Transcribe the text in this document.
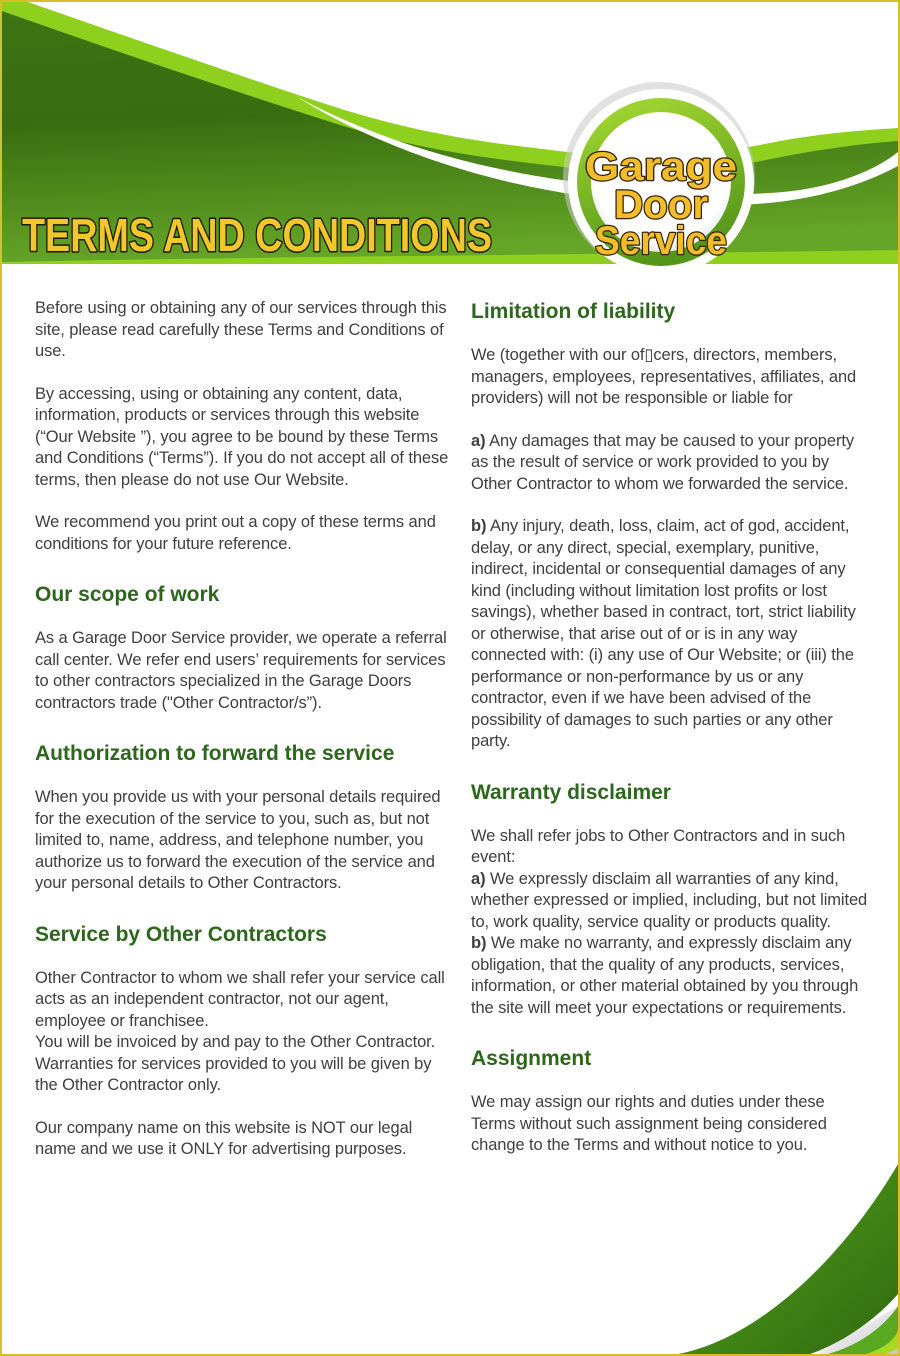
Garage
Door
Service
TERMS AND CONDITIONS

Before using or obtaining any of our services through this site, please read carefully these Terms and Conditions of use.

By accessing, using or obtaining any content, data, information, products or services through this website (“Our Website ”), you agree to be bound by these Terms and Conditions (“Terms”). If you do not accept all of these terms, then please do not use Our Website.

We recommend you print out a copy of these terms and conditions for your future reference.

Our scope of work

As a Garage Door Service provider, we operate a referral call center. We refer end users’ requirements for services to other contractors specialized in the Garage Doors contractors trade ("Other Contractor/s”).

Authorization to forward the service

When you provide us with your personal details required for the execution of the service to you, such as, but not limited to, name, address, and telephone number, you authorize us to forward the execution of the service and your personal details to Other Contractors.

Service by Other Contractors

Other Contractor to whom we shall refer your service call acts as an independent contractor, not our agent, employee or franchisee.

You will be invoiced by and pay to the Other Contractor.

Warranties for services provided to you will be given by the Other Contractor only.

Our company name on this website is NOT our legal name and we use it ONLY for advertising purposes.

Limitation of liability

We (together with our of▯cers, directors, members, managers, employees, representatives, affiliates, and providers) will not be responsible or liable for

a) Any damages that may be caused to your property as the result of service or work provided to you by Other Contractor to whom we forwarded the service.

b) Any injury, death, loss, claim, act of god, accident, delay, or any direct, special, exemplary, punitive, indirect, incidental or consequential damages of any kind (including without limitation lost profits or lost savings), whether based in contract, tort, strict liability or otherwise, that arise out of or is in any way connected with: (i) any use of Our Website; or (iii) the performance or non-performance by us or any contractor, even if we have been advised of the possibility of damages to such parties or any other party.

Warranty disclaimer

We shall refer jobs to Other Contractors and in such event:

a) We expressly disclaim all warranties of any kind, whether expressed or implied, including, but not limited to, work quality, service quality or products quality.

b) We make no warranty, and expressly disclaim any obligation, that the quality of any products, services, information, or other material obtained by you through the site will meet your expectations or requirements.

Assignment

We may assign our rights and duties under these Terms without such assignment being considered change to the Terms and without notice to you.
